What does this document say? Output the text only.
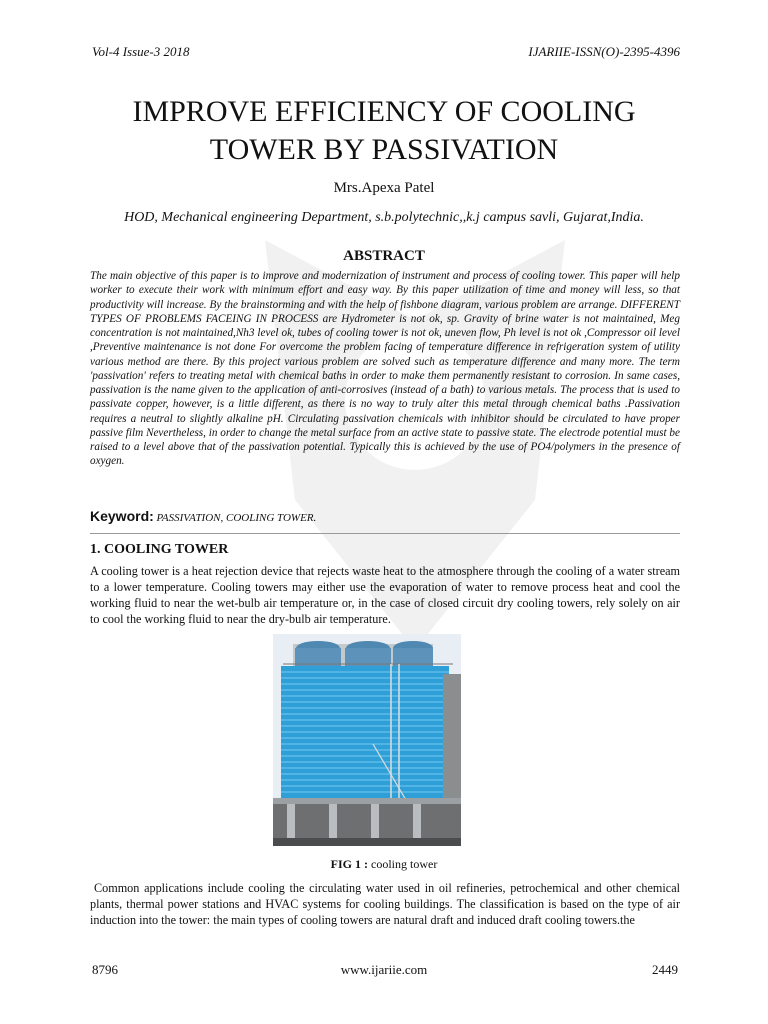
Vol-4 Issue-3 2018	IJARIIE-ISSN(O)-2395-4396
IMPROVE EFFICIENCY OF COOLING
TOWER BY PASSIVATION
Mrs.Apexa Patel
HOD, Mechanical engineering Department, s.b.polytechnic,,k.j campus savli, Gujarat,India.
ABSTRACT

The main objective of this paper is to improve and modernization of instrument and process of cooling tower. This paper will help worker to execute their work with minimum effort and easy way. By this paper utilization of time and money will less, so that productivity will increase. By the brainstorming and with the help of fishbone diagram, various problem are arrange. DIFFERENT TYPES OF PROBLEMS FACEING IN PROCESS are Hydrometer is not ok, sp. Gravity of brine water is not maintained, Meg concentration is not maintained,Nh3 level ok, tubes of cooling tower is not ok, uneven flow, Ph level is not ok ,Compressor oil level ,Preventive maintenance is not done For overcome the problem facing of temperature difference in refrigeration system of utility various method are there. By this project various problem are solved such as temperature difference and many more. The term 'passivation' refers to treating metal with chemical baths in order to make them permanently resistant to corrosion. In same cases, passivation is the name given to the application of anti-corrosives (instead of a bath) to various metals. The process that is used to passivate copper, however, is a little different, as there is no way to truly alter this metal through chemical baths .Passivation requires a neutral to slightly alkaline pH. Circulating passivation chemicals with inhibitor should be circulated to have proper passive film Nevertheless, in order to change the metal surface from an active state to passive state. The electrode potential must be raised to a level above that of the passivation potential. Typically this is achieved by the use of PO4/polymers in the presence of oxygen.

Keyword: PASSIVATION, COOLING TOWER.
1. COOLING TOWER

A cooling tower is a heat rejection device that rejects waste heat to the atmosphere through the cooling of a water stream to a lower temperature. Cooling towers may either use the evaporation of water to remove process heat and cool the working fluid to near the wet-bulb air temperature or, in the case of closed circuit dry cooling towers, rely solely on air to cool the working fluid to near the dry-bulb air temperature.

FIG 1 : cooling tower

Common applications include cooling the circulating water used in oil refineries, petrochemical and other chemical plants, thermal power stations and HVAC systems for cooling buildings. The classification is based on the type of air induction into the tower: the main types of cooling towers are natural draft and induced draft cooling towers.the

8796	www.ijariie.com	2449
